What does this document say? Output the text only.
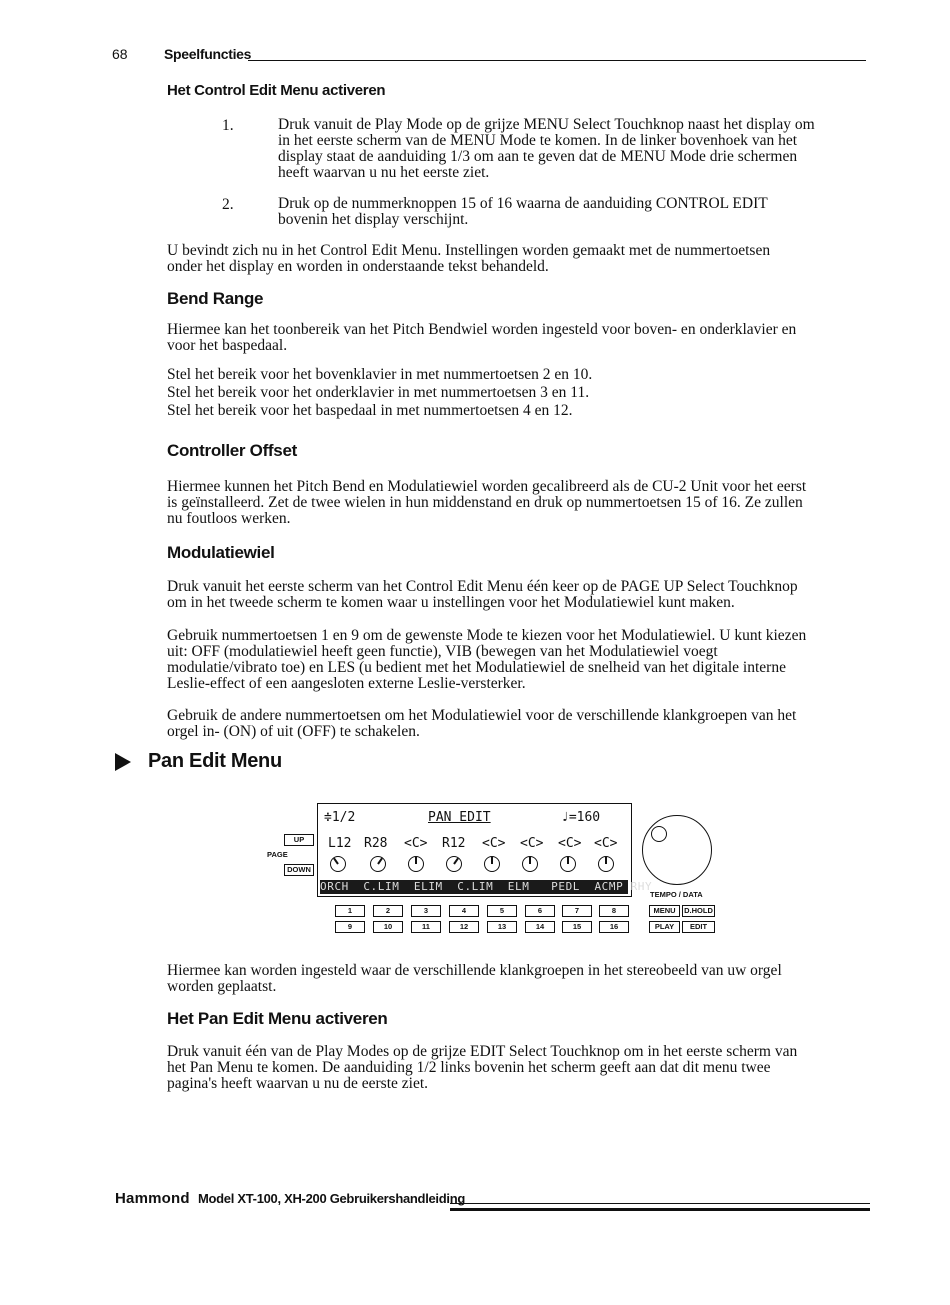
68	Speelfuncties
Het Control Edit Menu activeren
1.	Druk vanuit de Play Mode op de grijze MENU Select Touchknop naast het display om
in het eerste scherm van de MENU Mode te komen. In de linker bovenhoek van het
display staat de aanduiding 1/3 om aan te geven dat de MENU Mode drie schermen
heeft waarvan u nu het eerste ziet.
2.	Druk op de nummerknoppen 15 of 16 waarna de aanduiding CONTROL EDIT
bovenin het display verschijnt.
U bevindt zich nu in het Control Edit Menu. Instellingen worden gemaakt met de nummertoetsen
onder het display en worden in onderstaande tekst behandeld.
Bend Range
Hiermee kan het toonbereik van het Pitch Bendwiel worden ingesteld voor boven- en onderklavier en
voor het baspedaal.
Stel het bereik voor het bovenklavier in met nummertoetsen 2 en 10.
Stel het bereik voor het onderklavier in met nummertoetsen 3 en 11.
Stel het bereik voor het baspedaal in met nummertoetsen 4 en 12.
Controller Offset
Hiermee kunnen het Pitch Bend en Modulatiewiel worden gecalibreerd als de CU-2 Unit voor het eerst
is geïnstalleerd. Zet de twee wielen in hun middenstand en druk op nummertoetsen 15 of 16. Ze zullen
nu foutloos werken.
Modulatiewiel
Druk vanuit het eerste scherm van het Control Edit Menu één keer op de PAGE UP Select Touchknop
om in het tweede scherm te komen waar u instellingen voor het Modulatiewiel kunt maken.
Gebruik nummertoetsen 1 en 9 om de gewenste Mode te kiezen voor het Modulatiewiel. U kunt kiezen
uit: OFF (modulatiewiel heeft geen functie), VIB (bewegen van het Modulatiewiel voegt
modulatie/vibrato toe) en LES (u bedient met het Modulatiewiel de snelheid van het digitale interne
Leslie-effect of een aangesloten externe Leslie-versterker.
Gebruik de andere nummertoetsen om het Modulatiewiel voor de verschillende klankgroepen van het
orgel in- (ON) of uit (OFF) te schakelen.
Pan Edit Menu
UP
PAGE
DOWN
≑1/2	PAN EDIT	♩=160
L12 R28 <C> R12 <C> <C> <C> <C>
ORCH  C.LIM  ELIM  C.LIM  ELM   PEDL  ACMP RHY
TEMPO / DATA
1	2	3	4	5	6	7	8
9	10	11	12	13	14	15	16
MENU	D.HOLD
PLAY	EDIT
Hiermee kan worden ingesteld waar de verschillende klankgroepen in het stereobeeld van uw orgel
worden geplaatst.
Het Pan Edit Menu activeren
Druk vanuit één van de Play Modes op de grijze EDIT Select Touchknop om in het eerste scherm van
het Pan Menu te komen. De aanduiding 1/2 links bovenin het scherm geeft aan dat dit menu twee
pagina's heeft waarvan u nu de eerste ziet.
Hammond Model XT-100, XH-200 Gebruikershandleiding
